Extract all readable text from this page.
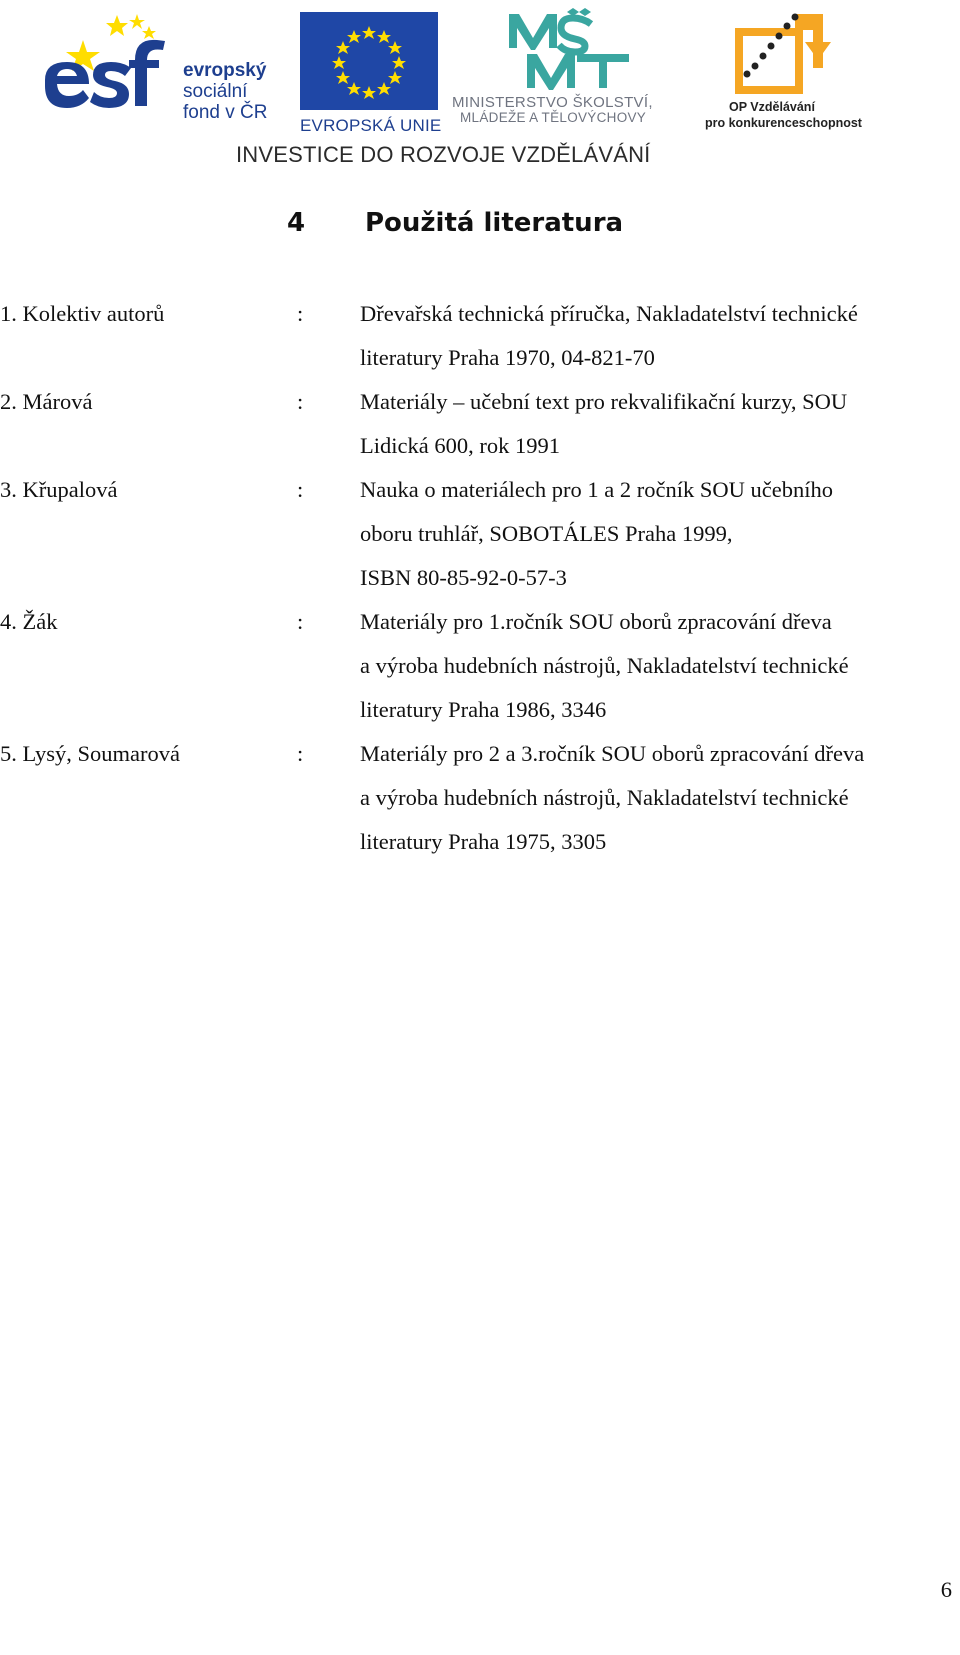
evropský
sociální
fond v ČR
EVROPSKÁ UNIE
MINISTERSTVO ŠKOLSTVÍ,
MLÁDEŽE A TĚLOVÝCHOVY
OP Vzdělávání
pro konkurenceschopnost
INVESTICE DO ROZVOJE VZDĚLÁVÁNÍ
4 Použitá literatura
1. Kolektiv autorů	:	Dřevařská technická příručka, Nakladatelství technické
literatury Praha 1970, 04-821-70
2. Márová	:	Materiály – učební text pro rekvalifikační kurzy, SOU
Lidická 600, rok 1991
3. Křupalová	:	Nauka o materiálech pro 1 a 2 ročník SOU učebního
oboru truhlář, SOBOTÁLES Praha 1999,
ISBN 80-85-92-0-57-3
4. Žák	:	Materiály pro 1.ročník SOU oborů zpracování dřeva
a výroba hudebních nástrojů, Nakladatelství technické
literatury Praha 1986, 3346
5. Lysý, Soumarová	:	Materiály pro 2 a 3.ročník SOU oborů zpracování dřeva
a výroba hudebních nástrojů, Nakladatelství technické
literatury Praha 1975, 3305
6
